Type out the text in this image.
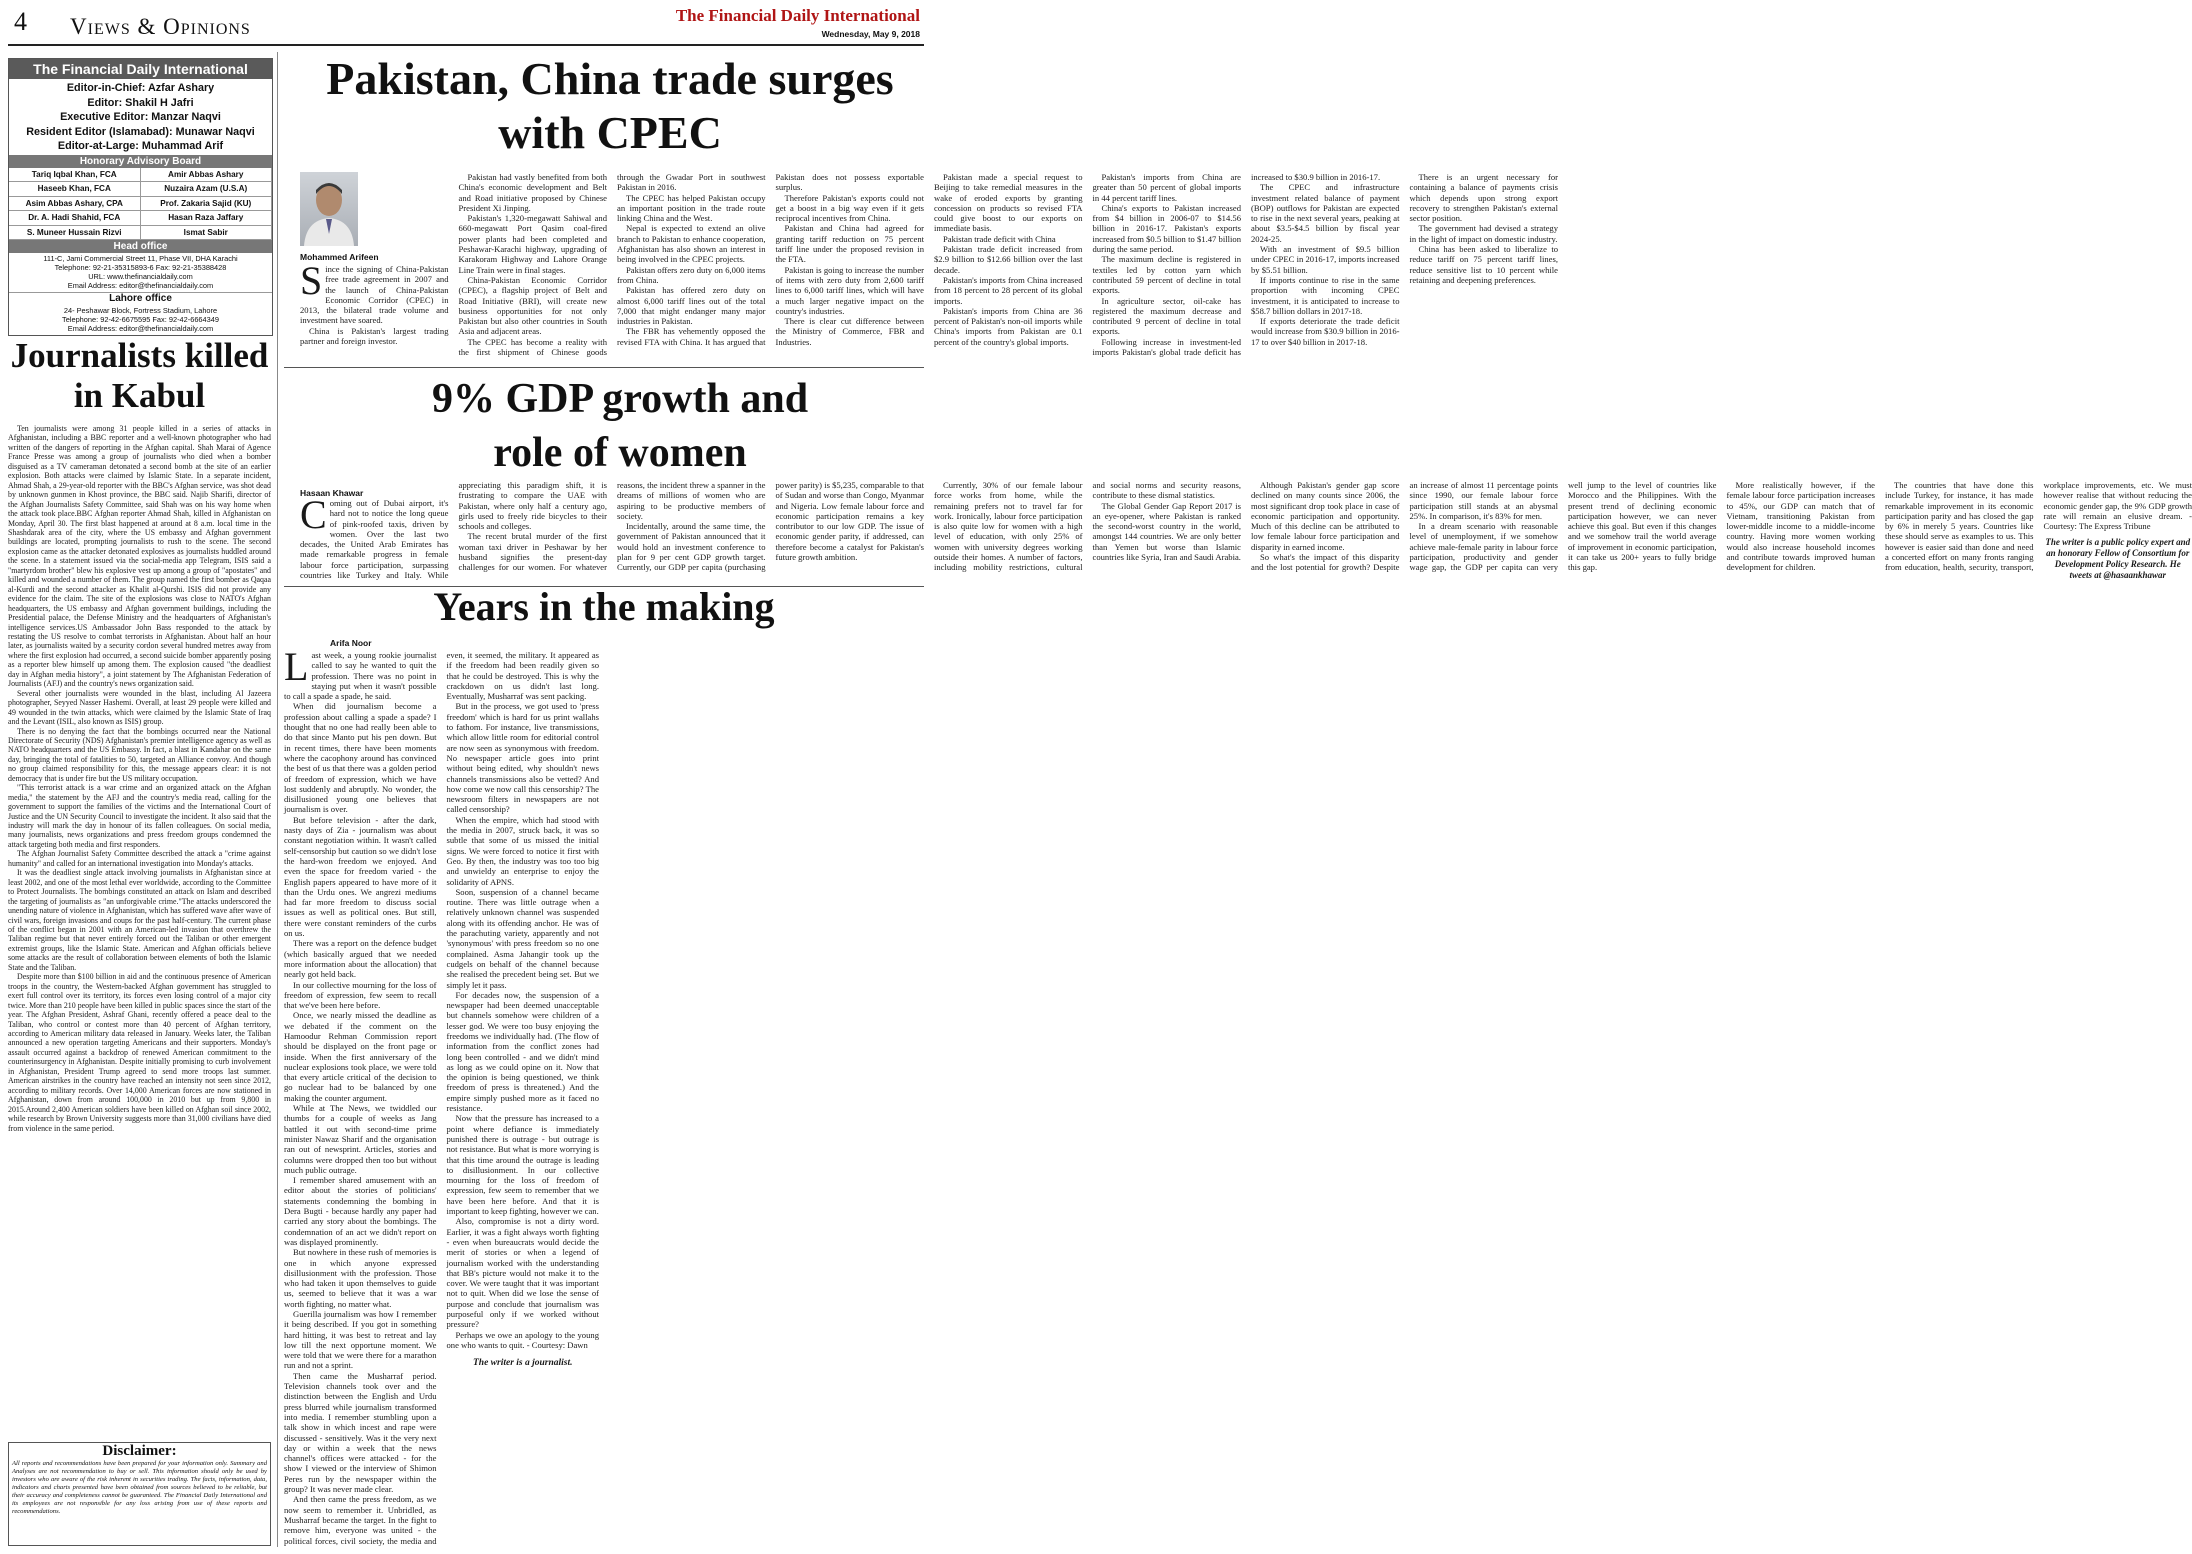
4 Views & Opinions	The Financial Daily International
Wednesday, May 9, 2018
The Financial Daily International
Editor-in-Chief: Azfar Ashary
Editor: Shakil H Jafri
Executive Editor: Manzar Naqvi
Resident Editor (Islamabad): Munawar Naqvi
Editor-at-Large: Muhammad Arif
Honorary Advisory Board
Tariq Iqbal Khan, FCA	Amir Abbas Ashary
Haseeb Khan, FCA	Nuzaira Azam (U.S.A)
Asim Abbas Ashary, CPA	Prof. Zakaria Sajid (KU)
Dr. A. Hadi Shahid, FCA	Hasan Raza Jaffary
S. Muneer Hussain Rizvi	Ismat Sabir
Head office
111-C, Jami Commercial Street 11, Phase VII, DHA Karachi
Telephone: 92-21-35315893-6 Fax: 92-21-35388428
URL: www.thefinancialdaily.com
Email Address: editor@thefinancialdaily.com
Lahore office
24- Peshawar Block, Fortress Stadium, Lahore
Telephone: 92-42-6675595 Fax: 92-42-6664349
Email Address: editor@thefinancialdaily.com
Journalists killed in Kabul

Ten journalists were among 31 people killed in a series of attacks in Afghanistan, including a BBC reporter and a well-known photographer who had written of the dangers of reporting in the Afghan capital. Shah Marai of Agence France Presse was among a group of journalists who died when a bomber disguised as a TV cameraman detonated a second bomb at the site of an earlier explosion. Both attacks were claimed by Islamic State. In a separate incident, Ahmad Shah, a 29-year-old reporter with the BBC's Afghan service, was shot dead by unknown gunmen in Khost province, the BBC said. Najib Sharifi, director of the Afghan Journalists Safety Committee, said Shah was on his way home when the attack took place.BBC Afghan reporter Ahmad Shah, killed in Afghanistan on Monday, April 30. The first blast happened at around at 8 a.m. local time in the Shashdarak area of the city, where the US embassy and Afghan government buildings are located, prompting journalists to rush to the scene. The second explosion came as the attacker detonated explosives as journalists huddled around the scene. In a statement issued via the social-media app Telegram, ISIS said a "martyrdom brother" blew his explosive vest up among a group of "apostates" and killed and wounded a number of them. The group named the first bomber as Qaqaa al-Kurdi and the second attacker as Khalit al-Qurshi. ISIS did not provide any evidence for the claim. The site of the explosions was close to NATO's Afghan headquarters, the US embassy and Afghan government buildings, including the Presidential palace, the Defense Ministry and the headquarters of Afghanistan's intelligence services.US Ambassador John Bass responded to the attack by restating the US resolve to combat terrorists in Afghanistan. About half an hour later, as journalists waited by a security cordon several hundred metres away from where the first explosion had occurred, a second suicide bomber apparently posing as a reporter blew himself up among them. The explosion caused "the deadliest day in Afghan media history", a joint statement by The Afghanistan Federation of Journalists (AFJ) and the country's news organization said.

Several other journalists were wounded in the blast, including Al Jazeera photographer, Seyyed Nasser Hashemi. Overall, at least 29 people were killed and 49 wounded in the twin attacks, which were claimed by the Islamic State of Iraq and the Levant (ISIL, also known as ISIS) group.

There is no denying the fact that the bombings occurred near the National Directorate of Security (NDS) Afghanistan's premier intelligence agency as well as NATO headquarters and the US Embassy. In fact, a blast in Kandahar on the same day, bringing the total of fatalities to 50, targeted an Alliance convoy. And though no group claimed responsibility for this, the message appears clear: it is not democracy that is under fire but the US military occupation.

"This terrorist attack is a war crime and an organized attack on the Afghan media," the statement by the AFJ and the country's media read, calling for the government to support the families of the victims and the International Court of Justice and the UN Security Council to investigate the incident. It also said that the industry will mark the day in honour of its fallen colleagues. On social media, many journalists, news organizations and press freedom groups condemned the attack targeting both media and first responders.

The Afghan Journalist Safety Committee described the attack a "crime against humanity" and called for an international investigation into Monday's attacks.

It was the deadliest single attack involving journalists in Afghanistan since at least 2002, and one of the most lethal ever worldwide, according to the Committee to Protect Journalists. The bombings constituted an attack on Islam and described the targeting of journalists as "an unforgivable crime."The attacks underscored the unending nature of violence in Afghanistan, which has suffered wave after wave of civil wars, foreign invasions and coups for the past half-century. The current phase of the conflict began in 2001 with an American-led invasion that overthrew the Taliban regime but that never entirely forced out the Taliban or other emergent extremist groups, like the Islamic State. American and Afghan officials believe some attacks are the result of collaboration between elements of both the Islamic State and the Taliban.

Despite more than $100 billion in aid and the continuous presence of American troops in the country, the Western-backed Afghan government has struggled to exert full control over its territory, its forces even losing control of a major city twice. More than 210 people have been killed in public spaces since the start of the year. The Afghan President, Ashraf Ghani, recently offered a peace deal to the Taliban, who control or contest more than 40 percent of Afghan territory, according to American military data released in January. Weeks later, the Taliban announced a new operation targeting Americans and their supporters. Monday's assault occurred against a backdrop of renewed American commitment to the counterinsurgency in Afghanistan. Despite initially promising to curb involvement in Afghanistan, President Trump agreed to send more troops last summer. American airstrikes in the country have reached an intensity not seen since 2012, according to military records. Over 14,000 American forces are now stationed in Afghanistan, down from around 100,000 in 2010 but up from 9,800 in 2015.Around 2,400 American soldiers have been killed on Afghan soil since 2002, while research by Brown University suggests more than 31,000 civilians have died from violence in the same period.

Disclaimer:
All reports and recommendations have been prepared for your information only. Summary and Analyses are not recommendation to buy or sell. This information should only be used by investors who are aware of the risk inherent in securities trading. The facts, information, data, indicators and charts presented have been obtained from sources believed to be reliable, but their accuracy and completeness cannot be guaranteed. The Financial Daily International and its employees are not responsible for any loss arising from use of these reports and recommendations.
Pakistan, China trade surges with CPEC
Mohammed Arifeen

Since the signing of China-Pakistan free trade agreement in 2007 and the launch of China-Pakistan Economic Corridor (CPEC) in 2013, the bilateral trade volume and investment have soared.

China is Pakistan's largest trading partner and foreign investor.

Pakistan had vastly benefited from both China's economic development and Belt and Road initiative proposed by Chinese President Xi Jinping.

Pakistan's 1,320-megawatt Sahiwal and 660-megawatt Port Qasim coal-fired power plants had been completed and Peshawar-Karachi highway, upgrading of Karakoram Highway and Lahore Orange Line Train were in final stages.

China-Pakistan Economic Corridor (CPEC), a flagship project of Belt and Road Initiative (BRI), will create new business opportunities for not only Pakistan but also other countries in South Asia and adjacent areas.

The CPEC has become a reality with the first shipment of Chinese goods through the Gwadar Port in southwest Pakistan in 2016.

The CPEC has helped Pakistan occupy an important position in the trade route linking China and the West.

Nepal is expected to extend an olive branch to Pakistan to enhance cooperation, Afghanistan has also shown an interest in being involved in the CPEC projects.

Pakistan offers zero duty on 6,000 items from China.

Pakistan has offered zero duty on almost 6,000 tariff lines out of the total 7,000 that might endanger many major industries in Pakistan.

The FBR has vehemently opposed the revised FTA with China. It has argued that Pakistan does not possess exportable surplus.

Therefore Pakistan's exports could not get a boost in a big way even if it gets reciprocal incentives from China.

Pakistan and China had agreed for granting tariff reduction on 75 percent tariff line under the proposed revision in the FTA.

Pakistan is going to increase the number of items with zero duty from 2,600 tariff lines to 6,000 tariff lines, which will have a much larger negative impact on the country's industries.

There is clear cut difference between the Ministry of Commerce, FBR and Industries.

Pakistan made a special request to Beijing to take remedial measures in the wake of eroded exports by granting concession on products so revised FTA could give boost to our exports on immediate basis.

Pakistan trade deficit with China

Pakistan trade deficit increased from $2.9 billion to $12.66 billion over the last decade.

Pakistan's imports from China increased from 18 percent to 28 percent of its global imports.

Pakistan's imports from China are 36 percent of Pakistan's non-oil imports while China's imports from Pakistan are 0.1 percent of the country's global imports.

Pakistan's imports from China are greater than 50 percent of global imports in 44 percent tariff lines.

China's exports to Pakistan increased from $4 billion in 2006-07 to $14.56 billion in 2016-17. Pakistan's exports increased from $0.5 billion to $1.47 billion during the same period.

The maximum decline is registered in textiles led by cotton yarn which contributed 59 percent of decline in total exports.

In agriculture sector, oil-cake has registered the maximum decrease and contributed 9 percent of decline in total exports.

Following increase in investment-led imports Pakistan's global trade deficit has increased to $30.9 billion in 2016-17.

The CPEC and infrastructure investment related balance of payment (BOP) outflows for Pakistan are expected to rise in the next several years, peaking at about $3.5-$4.5 billion by fiscal year 2024-25.

With an investment of $9.5 billion under CPEC in 2016-17, imports increased by $5.51 billion.

If imports continue to rise in the same proportion with incoming CPEC investment, it is anticipated to increase to $58.7 billion dollars in 2017-18.

If exports deteriorate the trade deficit would increase from $30.9 billion in 2016-17 to over $40 billion in 2017-18.

There is an urgent necessary for containing a balance of payments crisis which depends upon strong export recovery to strengthen Pakistan's external sector position.

The government had devised a strategy in the light of impact on domestic industry.

China has been asked to liberalize to reduce tariff on 75 percent tariff lines, reduce sensitive list to 10 percent while retaining and deepening preferences.

9% GDP growth and role of women
Hasaan Khawar

Coming out of Dubai airport, it's hard not to notice the long queue of pink-roofed taxis, driven by women. Over the last two decades, the United Arab Emirates has made remarkable progress in female labour force participation, surpassing countries like Turkey and Italy. While appreciating this paradigm shift, it is frustrating to compare the UAE with Pakistan, where only half a century ago, girls used to freely ride bicycles to their schools and colleges.

The recent brutal murder of the first woman taxi driver in Peshawar by her husband signifies the present-day challenges for our women. For whatever reasons, the incident threw a spanner in the dreams of millions of women who are aspiring to be productive members of society.

Incidentally, around the same time, the government of Pakistan announced that it would hold an investment conference to plan for 9 per cent GDP growth target. Currently, our GDP per capita (purchasing power parity) is $5,235, comparable to that of Sudan and worse than Congo, Myanmar and Nigeria. Low female labour force and economic participation remains a key contributor to our low GDP. The issue of economic gender parity, if addressed, can therefore become a catalyst for Pakistan's future growth ambition.

Currently, 30% of our female labour force works from home, while the remaining prefers not to travel far for work. Ironically, labour force participation is also quite low for women with a high level of education, with only 25% of women with university degrees working outside their homes. A number of factors, including mobility restrictions, cultural and social norms and security reasons, contribute to these dismal statistics.

The Global Gender Gap Report 2017 is an eye-opener, where Pakistan is ranked the second-worst country in the world, amongst 144 countries. We are only better than Yemen but worse than Islamic countries like Syria, Iran and Saudi Arabia.

Although Pakistan's gender gap score declined on many counts since 2006, the most significant drop took place in case of economic participation and opportunity. Much of this decline can be attributed to low female labour force participation and disparity in earned income.

So what's the impact of this disparity and the lost potential for growth? Despite an increase of almost 11 percentage points since 1990, our female labour force participation still stands at an abysmal 25%. In comparison, it's 83% for men.

In a dream scenario with reasonable level of unemployment, if we somehow achieve male-female parity in labour force participation, productivity and gender wage gap, the GDP per capita can very well jump to the level of countries like Morocco and the Philippines. With the present trend of declining economic participation however, we can never achieve this goal. But even if this changes and we somehow trail the world average of improvement in economic participation, it can take us 200+ years to fully bridge this gap.

More realistically however, if the female labour force participation increases to 45%, our GDP can match that of Vietnam, transitioning Pakistan from lower-middle income to a middle-income country. Having more women working would also increase household incomes and contribute towards improved human development for children.

The countries that have done this include Turkey, for instance, it has made remarkable improvement in its economic participation parity and has closed the gap by 6% in merely 5 years. Countries like these should serve as examples to us. This however is easier said than done and need a concerted effort on many fronts ranging from education, health, security, transport, workplace improvements, etc. We must however realise that without reducing the economic gender gap, the 9% GDP growth rate will remain an elusive dream. -Courtesy: The Express Tribune

The writer is a public policy expert and an honorary Fellow of Consortium for Development Policy Research. He tweets at @hasaankhawar

Years in the making
Arifa Noor

Last week, a young rookie journalist called to say he wanted to quit the profession. There was no point in staying put when it wasn't possible to call a spade a spade, he said.

When did journalism become a profession about calling a spade a spade? I thought that no one had really been able to do that since Manto put his pen down. But in recent times, there have been moments where the cacophony around has convinced the best of us that there was a golden period of freedom of expression, which we have lost suddenly and abruptly. No wonder, the disillusioned young one believes that journalism is over.

But before television - after the dark, nasty days of Zia - journalism was about constant negotiation within. It wasn't called self-censorship but caution so we didn't lose the hard-won freedom we enjoyed. And even the space for freedom varied - the English papers appeared to have more of it than the Urdu ones. We angrezi mediums had far more freedom to discuss social issues as well as political ones. But still, there were constant reminders of the curbs on us.

There was a report on the defence budget (which basically argued that we needed more information about the allocation) that nearly got held back.

In our collective mourning for the loss of freedom of expression, few seem to recall that we've been here before.

Once, we nearly missed the deadline as we debated if the comment on the Hamoodur Rehman Commission report should be displayed on the front page or inside. When the first anniversary of the nuclear explosions took place, we were told that every article critical of the decision to go nuclear had to be balanced by one making the counter argument.

While at The News, we twiddled our thumbs for a couple of weeks as Jang battled it out with second-time prime minister Nawaz Sharif and the organisation ran out of newsprint. Articles, stories and columns were dropped then too but without much public outrage.

I remember shared amusement with an editor about the stories of politicians' statements condemning the bombing in Dera Bugti - because hardly any paper had carried any story about the bombings. The condemnation of an act we didn't report on was displayed prominently.

But nowhere in these rush of memories is one in which anyone expressed disillusionment with the profession. Those who had taken it upon themselves to guide us, seemed to believe that it was a war worth fighting, no matter what.

Guerilla journalism was how I remember it being described. If you got in something hard hitting, it was best to retreat and lay low till the next opportune moment. We were told that we were there for a marathon run and not a sprint.

Then came the Musharraf period. Television channels took over and the distinction between the English and Urdu press blurred while journalism transformed into media. I remember stumbling upon a talk show in which incest and rape were discussed - sensitively. Was it the very next day or within a week that the news channel's offices were attacked - for the show I viewed or the interview of Shimon Peres run by the newspaper within the group? It was never made clear.

And then came the press freedom, as we now seem to remember it. Unbridled, as Musharraf became the target. In the fight to remove him, everyone was united - the political forces, civil society, the media and even, it seemed, the military. It appeared as if the freedom had been readily given so that he could be destroyed. This is why the crackdown on us didn't last long. Eventually, Musharraf was sent packing.

But in the process, we got used to 'press freedom' which is hard for us print wallahs to fathom. For instance, live transmissions, which allow little room for editorial control are now seen as synonymous with freedom. No newspaper article goes into print without being edited, why shouldn't news channels transmissions also be vetted? And how come we now call this censorship? The newsroom filters in newspapers are not called censorship?

When the empire, which had stood with the media in 2007, struck back, it was so subtle that some of us missed the initial signs. We were forced to notice it first with Geo. By then, the industry was too too big and unwieldy an enterprise to enjoy the solidarity of APNS.

Soon, suspension of a channel became routine. There was little outrage when a relatively unknown channel was suspended along with its offending anchor. He was of the parachuting variety, apparently and not 'synonymous' with press freedom so no one complained. Asma Jahangir took up the cudgels on behalf of the channel because she realised the precedent being set. But we simply let it pass.

For decades now, the suspension of a newspaper had been deemed unacceptable but channels somehow were children of a lesser god. We were too busy enjoying the freedoms we individually had. (The flow of information from the conflict zones had long been controlled - and we didn't mind as long as we could opine on it. Now that the opinion is being questioned, we think freedom of press is threatened.) And the empire simply pushed more as it faced no resistance.

Now that the pressure has increased to a point where defiance is immediately punished there is outrage - but outrage is not resistance. But what is more worrying is that this time around the outrage is leading to disillusionment. In our collective mourning for the loss of freedom of expression, few seem to remember that we have been here before. And that it is important to keep fighting, however we can.

Also, compromise is not a dirty word. Earlier, it was a fight always worth fighting - even when bureaucrats would decide the merit of stories or when a legend of journalism worked with the understanding that BB's picture would not make it to the cover. We were taught that it was important not to quit. When did we lose the sense of purpose and conclude that journalism was purposeful only if we worked without pressure?

Perhaps we owe an apology to the young one who wants to quit. - Courtesy: Dawn

The writer is a journalist.
